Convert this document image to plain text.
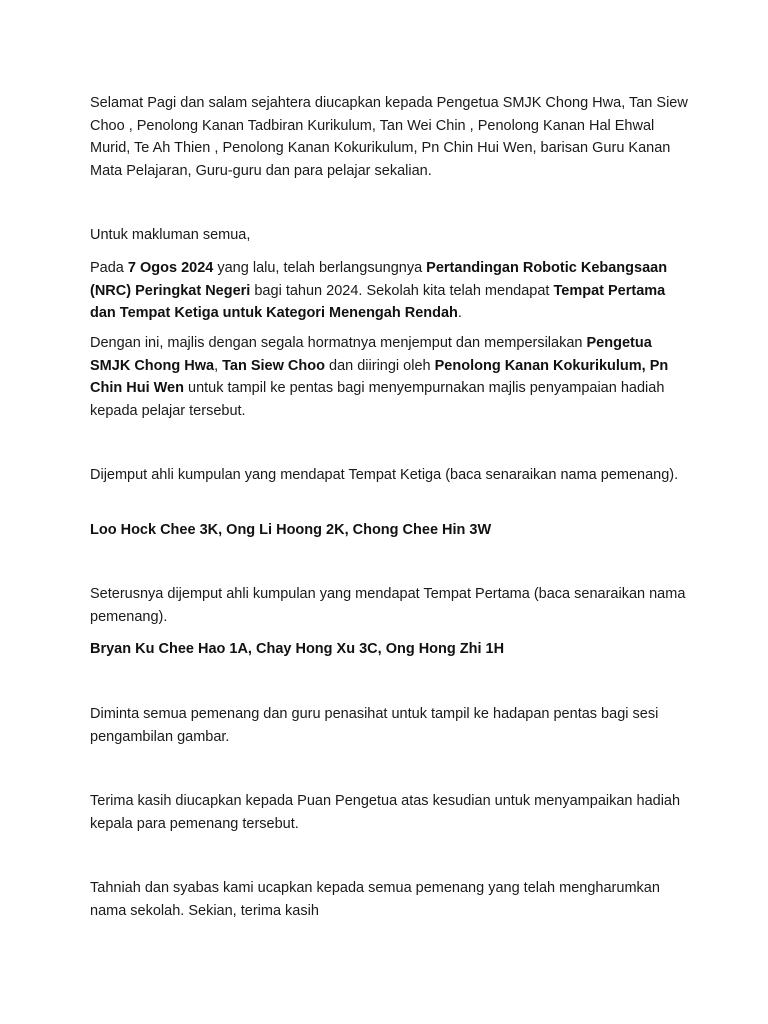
Selamat Pagi dan salam sejahtera diucapkan kepada Pengetua SMJK Chong Hwa, Tan Siew Choo , Penolong Kanan Tadbiran Kurikulum, Tan Wei Chin , Penolong Kanan Hal Ehwal Murid, Te Ah Thien , Penolong Kanan Kokurikulum, Pn Chin Hui Wen, barisan Guru Kanan Mata Pelajaran, Guru-guru dan para pelajar sekalian.

Untuk makluman semua,

Pada 7 Ogos 2024 yang lalu, telah berlangsungnya Pertandingan Robotic Kebangsaan (NRC) Peringkat Negeri bagi tahun 2024. Sekolah kita telah mendapat Tempat Pertama dan Tempat Ketiga untuk Kategori Menengah Rendah.

Dengan ini, majlis dengan segala hormatnya menjemput dan mempersilakan Pengetua SMJK Chong Hwa, Tan Siew Choo dan diiringi oleh Penolong Kanan Kokurikulum, Pn Chin Hui Wen untuk tampil ke pentas bagi menyempurnakan majlis penyampaian hadiah kepada pelajar tersebut.

Dijemput ahli kumpulan yang mendapat Tempat Ketiga (baca senaraikan nama pemenang).

Loo Hock Chee 3K, Ong Li Hoong 2K, Chong Chee Hin 3W

Seterusnya dijemput ahli kumpulan yang mendapat Tempat Pertama (baca senaraikan nama pemenang).

Bryan Ku Chee Hao 1A, Chay Hong Xu 3C, Ong Hong Zhi 1H

Diminta semua pemenang dan guru penasihat untuk tampil ke hadapan pentas bagi sesi pengambilan gambar.

Terima kasih diucapkan kepada Puan Pengetua atas kesudian untuk menyampaikan hadiah kepala para pemenang tersebut.

Tahniah dan syabas kami ucapkan kepada semua pemenang yang telah mengharumkan nama sekolah. Sekian, terima kasih
